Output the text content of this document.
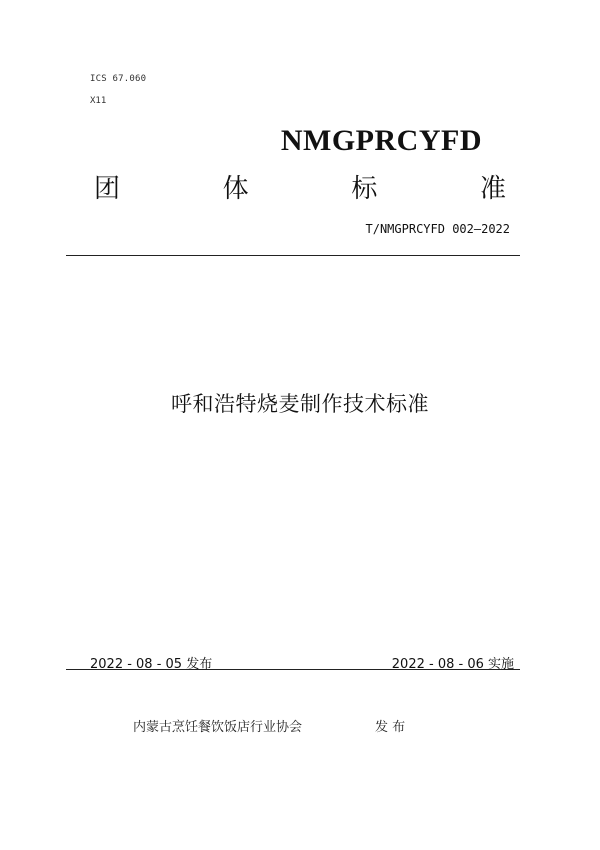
ICS 67.060
X11
NMGPRCYFD
团	体	标	准
T/NMGPRCYFD 002—2022
呼和浩特烧麦制作技术标准
2022 - 08 - 05 发布	2022 - 08 - 06 实施
内蒙古烹饪餐饮饭店行业协会	发 布
